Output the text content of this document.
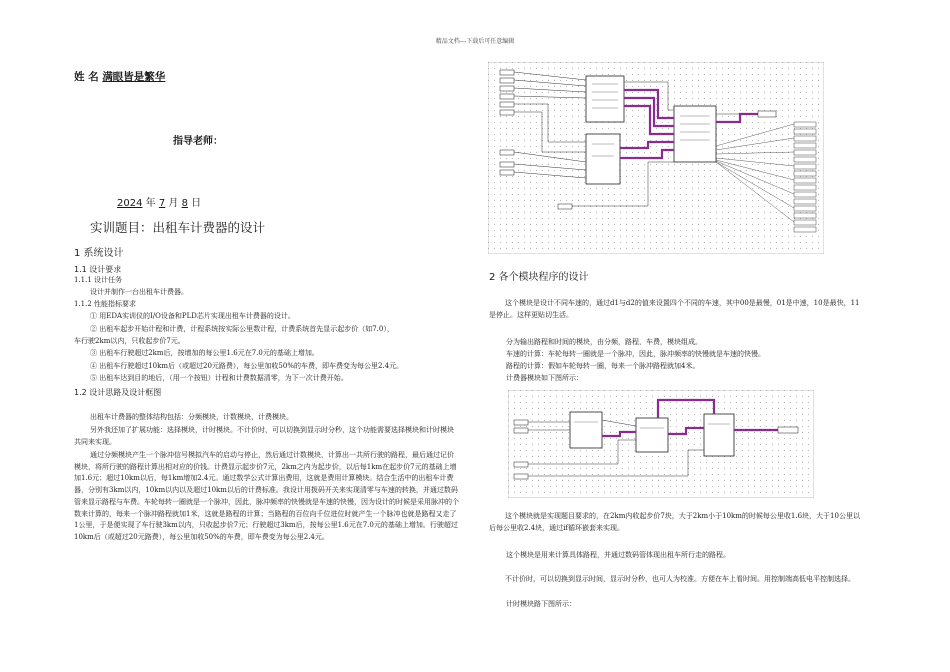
精品文档---下载后可任意编辑
姓 名 满眼皆是繁华
指导老师：
2024 年 7 月 8 日
实训题目：出租车计费器的设计
1 系统设计
1.1 设计要求
1.1.1 设计任务
设计并制作一台出租车计费器。
1.1.2 性能指标要求
① 用EDA实训仪的I/O设备和PLD芯片实现出租车计费器的设计。
② 出租车起步开始计程和计费，计程系统按实际公里数计程，计费系统首先显示起步价（如7.0），
车行驶2km以内，只收起步价7元。
③ 出租车行驶超过2km后，按增加的每公里1.6元在7.0元的基础上增加。
④ 出租车行驶超过10km后（或超过20元路费），每公里加收50%的车费，即车费变为每公里2.4元。
⑤ 出租车达到目的地后，（用一个按钮）计程和计费数据清零，为下一次计费开始。
1.2 设计思路及设计框图
出租车计费器的整体结构包括：分频模块，计数模块，计费模块。
另外我还加了扩展功能：选择模块，计时模块。不计价时，可以切换到显示时分秒，这个功能需要选择模块和计时模块共同来实现。
通过分频模块产生一个脉冲信号模拟汽车的启动与停止，然后通过计数模块，计算出一共所行驶的路程，最后通过记价模块，将所行驶的路程计算出相对应的价钱。计费显示起步价7元，2km之内为起步价，以后每1km在起步价7元的基础上增加1.6元；超过10km以后，每1km增加2.4元。通过数学公式计算出费用，这就是费用计算模块。结合生活中的出租车计费器，分别有3km以内，10km以内以及超过10km以后的计费标准。我设计用拨码开关来实现清零与车速的转换，并通过数码管来显示路程与车费。车轮每转一圈就是一个脉冲，因此，脉冲频率的快慢就是车速的快慢，因为设计的时候是采用脉冲的个数来计算的，每来一个脉冲路程就加1米，这就是路程的计算；当路程的百位向千位进位时就产生一个脉冲也就是路程又走了1公里，于是便实现了车行驶3km以内，只收起步价7元；行驶超过3km后，按每公里1.6元在7.0元的基础上增加。行驶超过10km后（或超过20元路费），每公里加收50%的车费，即车费变为每公里2.4元。
2 各个模块程序的设计
这个模块是设计不同车速的，通过d1与d2的值来设置四个不同的车速，其中00是最慢，01是中速，10是最快，11是停止。这样更贴切生活。
分为输出路程和时间的模块，由分频，路程，车费，模块组成。
车速的计算：车轮每转一圈就是一个脉冲，因此，脉冲频率的快慢就是车速的快慢。
路程的计算：假如车轮每转一圈，每来一个脉冲路程就加4米。
计费器模块如下图所示：
这个模块就是实现题目要求的，在2km内收起步价7块，大于2km小于10km的时候每公里收1.6块，大于10公里以后每公里收2.4块，通过if循环嵌套来实现。
这个模块是用来计算具体路程，并通过数码管体现出租车所行走的路程。
不计价时，可以切换到显示时间，显示时分秒，也可人为校准。方便在车上看时间。用控制端高低电平控制选择。
计时模块路下图所示：
